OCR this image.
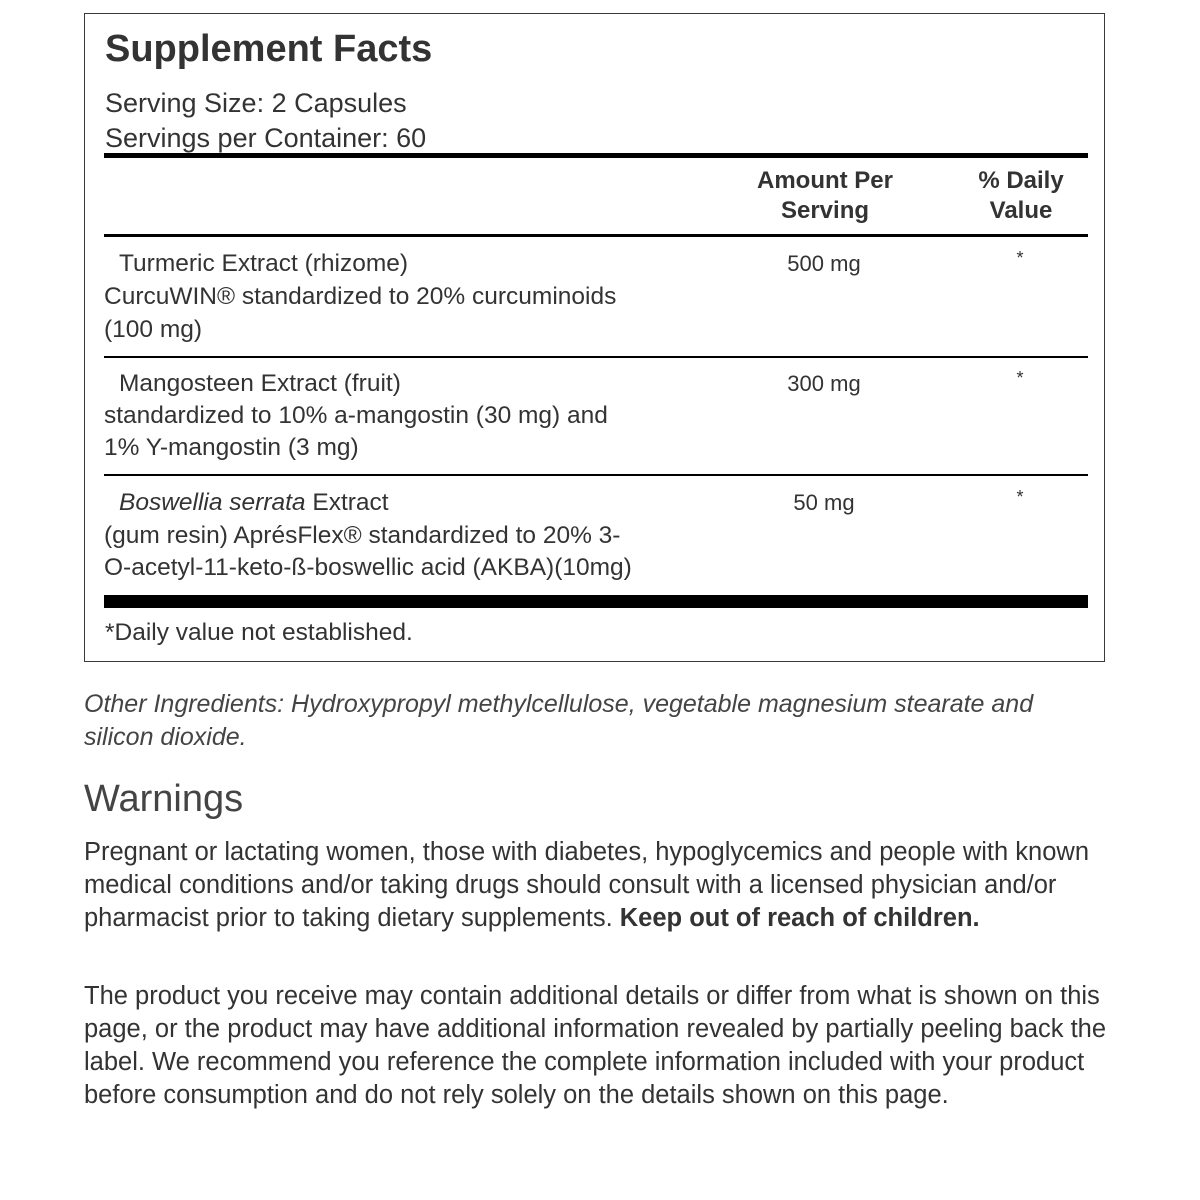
Supplement Facts
Serving Size: 2 Capsules
Servings per Container: 60
Amount Per
Serving
% Daily
Value
Turmeric Extract (rhizome)
CurcuWIN® standardized to 20% curcuminoids
(100 mg)
500 mg	*
Mangosteen Extract (fruit)
standardized to 10% a-mangostin (30 mg) and
1% Y-mangostin (3 mg)
300 mg	*
Boswellia serrata Extract
(gum resin) AprésFlex® standardized to 20% 3-
O-acetyl-11-keto-ß-boswellic acid (AKBA)(10mg)
50 mg	*
*Daily value not established.
Other Ingredients: Hydroxypropyl methylcellulose, vegetable magnesium stearate and silicon dioxide.
Warnings
Pregnant or lactating women, those with diabetes, hypoglycemics and people with known medical conditions and/or taking drugs should consult with a licensed physician and/or pharmacist prior to taking dietary supplements. Keep out of reach of children.
The product you receive may contain additional details or differ from what is shown on this page, or the product may have additional information revealed by partially peeling back the label. We recommend you reference the complete information included with your product before consumption and do not rely solely on the details shown on this page.
